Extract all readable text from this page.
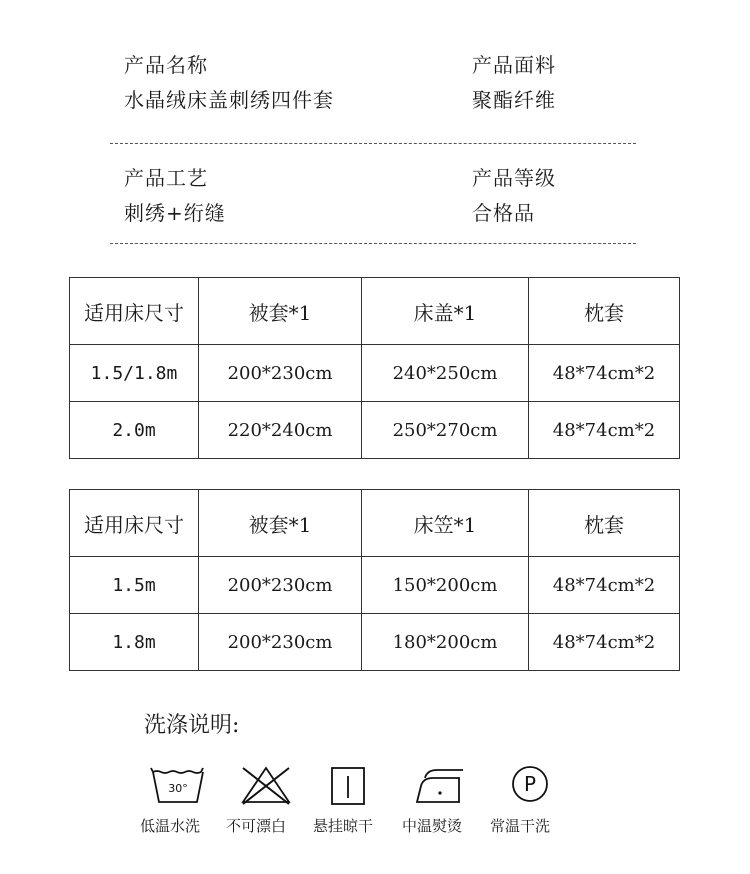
产品名称
水晶绒床盖刺绣四件套
产品面料
聚酯纤维
产品工艺
刺绣+绗缝
产品等级
合格品
适用床尺寸	被套*1	床盖*1	枕套
1.5/1.8m	200*230cm	240*250cm	48*74cm*2
2.0m	220*240cm	250*270cm	48*74cm*2
适用床尺寸	被套*1	床笠*1	枕套
1.5m	200*230cm	150*200cm	48*74cm*2
1.8m	200*230cm	180*200cm	48*74cm*2
洗涤说明:
30°
低温水洗 不可漂白 悬挂晾干 中温熨烫
P
常温干洗
